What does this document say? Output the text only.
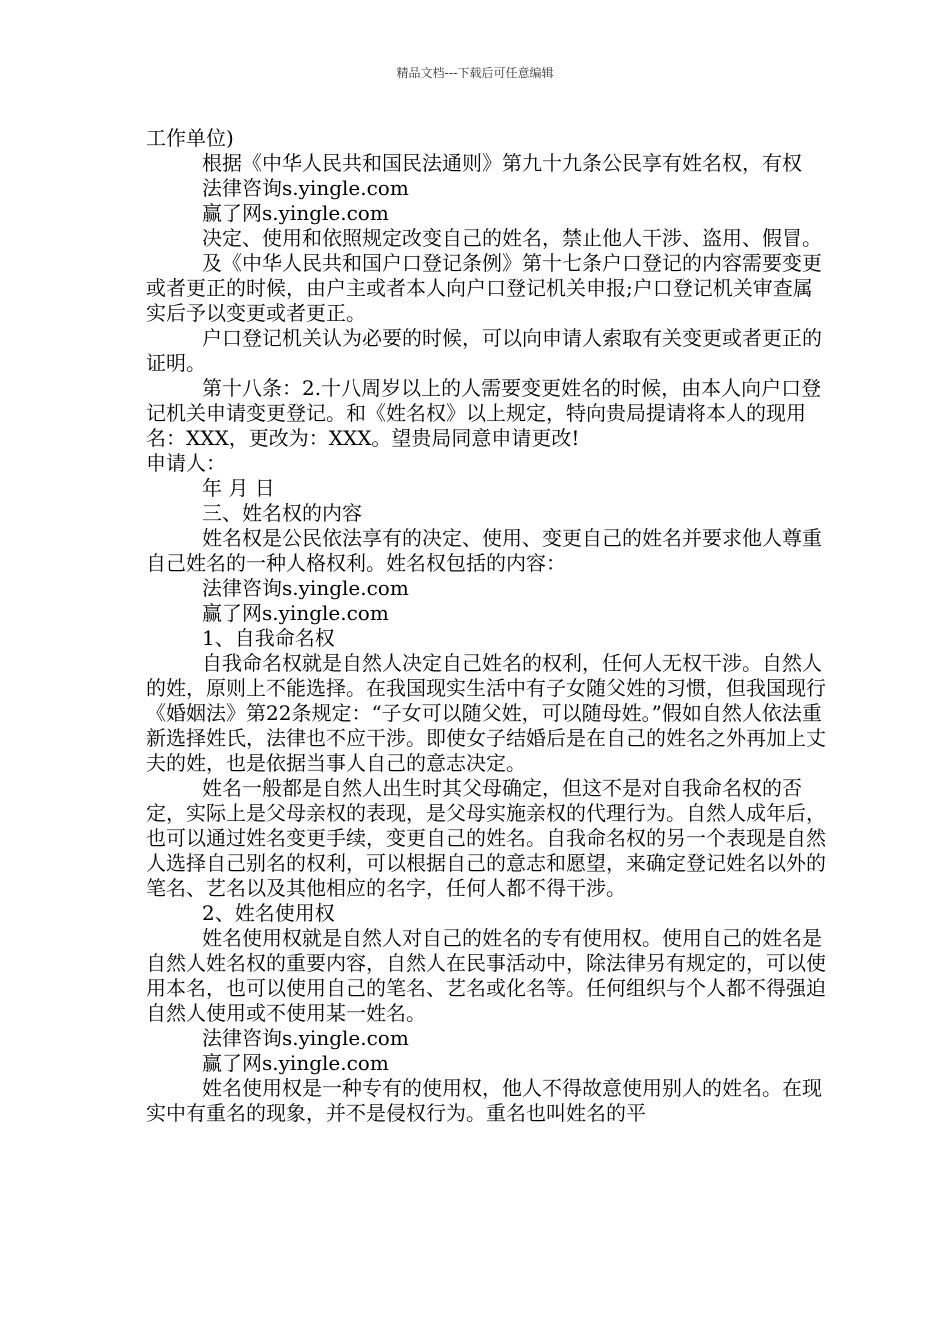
精品文档---下载后可任意编辑

工作单位)

根据《中华人民共和国民法通则》第九十九条公民享有姓名权，有权

法律咨询s.yingle.com

赢了网s.yingle.com

决定、使用和依照规定改变自己的姓名，禁止他人干涉、盗用、假冒。

及《中华人民共和国户口登记条例》第十七条户口登记的内容需要变更或者更正的时候，由户主或者本人向户口登记机关申报;户口登记机关审查属实后予以变更或者更正。

户口登记机关认为必要的时候，可以向申请人索取有关变更或者更正的证明。

第十八条：2.十八周岁以上的人需要变更姓名的时候，由本人向户口登记机关申请变更登记。和《姓名权》以上规定，特向贵局提请将本人的现用名：XXX，更改为：XXX。望贵局同意申请更改!

申请人：

年 月 日

三、姓名权的内容

姓名权是公民依法享有的决定、使用、变更自己的姓名并要求他人尊重自己姓名的一种人格权利。姓名权包括的内容：

法律咨询s.yingle.com

赢了网s.yingle.com

1、自我命名权

自我命名权就是自然人决定自己姓名的权利，任何人无权干涉。自然人的姓，原则上不能选择。在我国现实生活中有子女随父姓的习惯，但我国现行《婚姻法》第22条规定：“子女可以随父姓，可以随母姓。”假如自然人依法重新选择姓氏，法律也不应干涉。即使女子结婚后是在自己的姓名之外再加上丈夫的姓，也是依据当事人自己的意志决定。

姓名一般都是自然人出生时其父母确定，但这不是对自我命名权的否定，实际上是父母亲权的表现，是父母实施亲权的代理行为。自然人成年后，也可以通过姓名变更手续，变更自己的姓名。自我命名权的另一个表现是自然人选择自己别名的权利，可以根据自己的意志和愿望，来确定登记姓名以外的笔名、艺名以及其他相应的名字，任何人都不得干涉。

2、姓名使用权

姓名使用权就是自然人对自己的姓名的专有使用权。使用自己的姓名是自然人姓名权的重要内容，自然人在民事活动中，除法律另有规定的，可以使用本名，也可以使用自己的笔名、艺名或化名等。任何组织与个人都不得强迫自然人使用或不使用某一姓名。

法律咨询s.yingle.com

赢了网s.yingle.com

姓名使用权是一种专有的使用权，他人不得故意使用别人的姓名。在现实中有重名的现象，并不是侵权行为。重名也叫姓名的平
